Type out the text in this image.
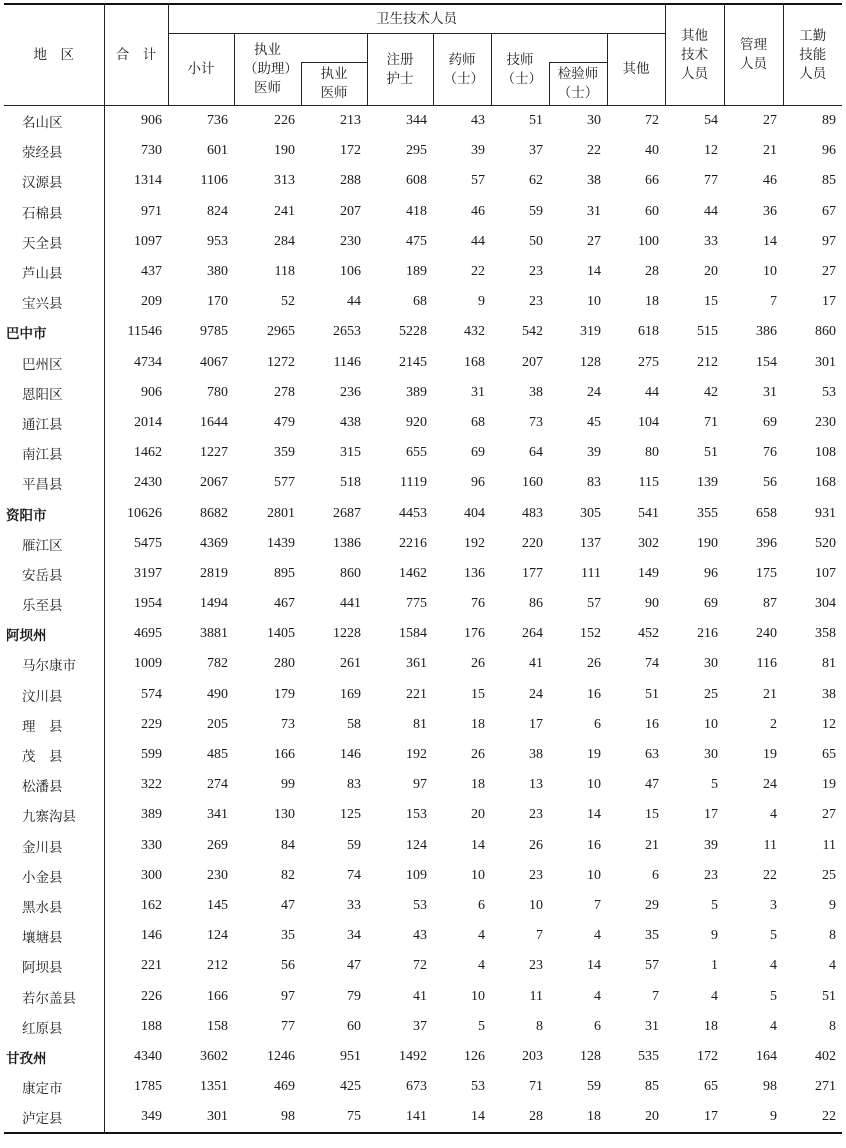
地　区	合　计	卫生技术人员								其他技术人员	管理人员	工勤技能人员
		小计	执业（助理）医师		注册护士	药师（士）	技师（士）		其他			
				执业医师				检验师（士）				
名山区	906	736	226	213	344	43	51	30	72	54	27	89
荥经县	730	601	190	172	295	39	37	22	40	12	21	96
汉源县	1314	1106	313	288	608	57	62	38	66	77	46	85
石棉县	971	824	241	207	418	46	59	31	60	44	36	67
天全县	1097	953	284	230	475	44	50	27	100	33	14	97
芦山县	437	380	118	106	189	22	23	14	28	20	10	27
宝兴县	209	170	52	44	68	9	23	10	18	15	7	17
巴中市	11546	9785	2965	2653	5228	432	542	319	618	515	386	860
巴州区	4734	4067	1272	1146	2145	168	207	128	275	212	154	301
恩阳区	906	780	278	236	389	31	38	24	44	42	31	53
通江县	2014	1644	479	438	920	68	73	45	104	71	69	230
南江县	1462	1227	359	315	655	69	64	39	80	51	76	108
平昌县	2430	2067	577	518	1119	96	160	83	115	139	56	168
资阳市	10626	8682	2801	2687	4453	404	483	305	541	355	658	931
雁江区	5475	4369	1439	1386	2216	192	220	137	302	190	396	520
安岳县	3197	2819	895	860	1462	136	177	111	149	96	175	107
乐至县	1954	1494	467	441	775	76	86	57	90	69	87	304
阿坝州	4695	3881	1405	1228	1584	176	264	152	452	216	240	358
马尔康市	1009	782	280	261	361	26	41	26	74	30	116	81
汶川县	574	490	179	169	221	15	24	16	51	25	21	38
理　县	229	205	73	58	81	18	17	6	16	10	2	12
茂　县	599	485	166	146	192	26	38	19	63	30	19	65
松潘县	322	274	99	83	97	18	13	10	47	5	24	19
九寨沟县	389	341	130	125	153	20	23	14	15	17	4	27
金川县	330	269	84	59	124	14	26	16	21	39	11	11
小金县	300	230	82	74	109	10	23	10	6	23	22	25
黑水县	162	145	47	33	53	6	10	7	29	5	3	9
壤塘县	146	124	35	34	43	4	7	4	35	9	5	8
阿坝县	221	212	56	47	72	4	23	14	57	1	4	4
若尔盖县	226	166	97	79	41	10	11	4	7	4	5	51
红原县	188	158	77	60	37	5	8	6	31	18	4	8
甘孜州	4340	3602	1246	951	1492	126	203	128	535	172	164	402
康定市	1785	1351	469	425	673	53	71	59	85	65	98	271
泸定县	349	301	98	75	141	14	28	18	20	17	9	22
